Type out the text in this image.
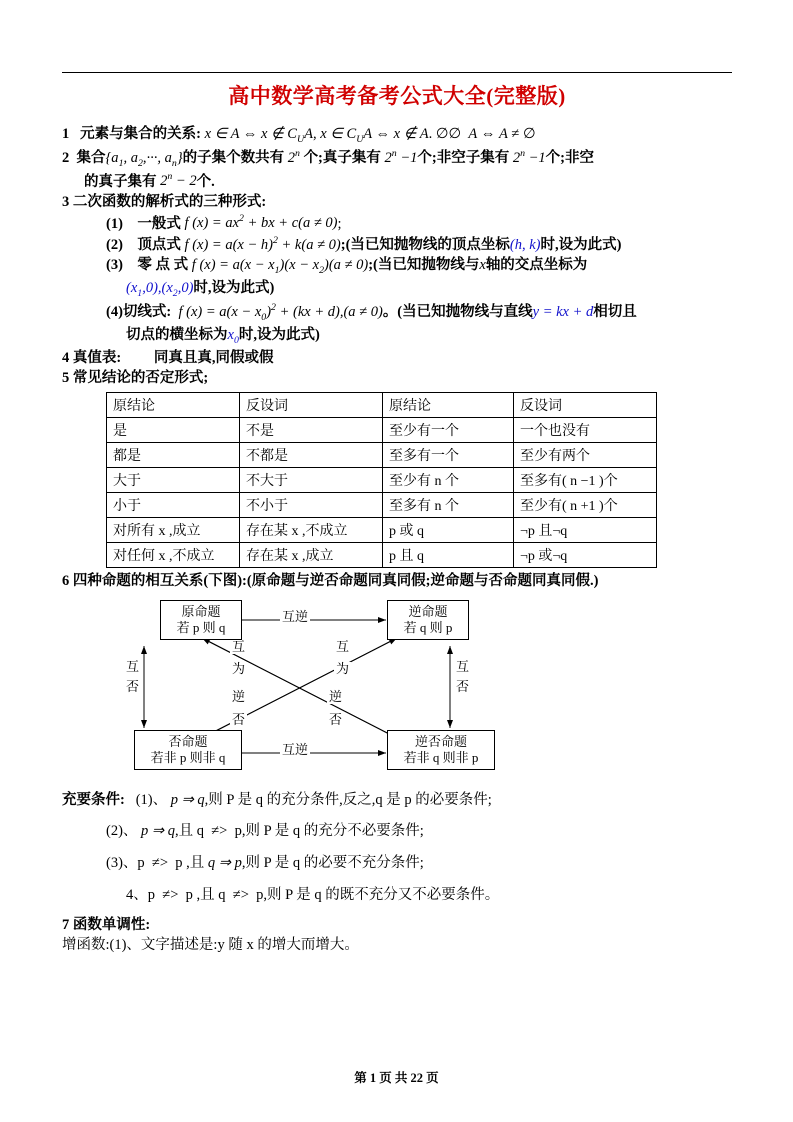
高中数学高考备考公式大全(完整版)
1 元素与集合的关系: x ∈ A ⇔ x ∉ $C_UA$, x ∈ $C_UA$ ⇔ x ∉ A. ∅∅  A ⇔ A ≠ ∅
2 集合{$a_1$, $a_2,\cdot\cdot\cdot$, $a_n$}的子集个数共有 2$^n$ 个;真子集有 $2^n -1$个;非空子集有 $2^n -1$个;非空
的真子集有 $2^n - 2$个.
3 二次函数的解析式的三种形式:
(1)　一般式 f $(x) = ax^2$ + bx + c(a ≠ 0);
(2)　顶点式 f $(x) = a(x - h)^2 + k(a$ ≠ 0);(当已知抛物线的顶点坐标(h, k)时,设为此式)
(3)　零 点 式 f $(x) = a(x - x_1)(x - x_2)(a$ ≠ 0);(当已知抛物线与x轴的交点坐标为
$(x_1,0),(x_2,0)$时,设为此式)
(4)切线式: f $(x) = a(x - x_0)^2 + (kx + d),(a \ne 0)$。(当已知抛物线与直线y = kx + d相切且
切点的横坐标为$x_0$时,设为此式)
4 真值表: 同真且真,同假或假
5 常见结论的否定形式;
原结论	反设词	原结论	反设词
是	不是	至少有一个	一个也没有
都是	不都是	至多有一个	至少有两个
大于	不大于	至少有 n 个	至多有( n −1 )个
小于	不小于	至多有 n 个	至少有( n +1 )个
对所有 x ,成立	存在某 x ,不成立	p 或 q	¬p 且¬q
对任何 x ,不成立	存在某 x ,成立	p 且 q	¬p 或¬q
6 四种命题的相互关系(下图):(原命题与逆否命题同真同假;逆命题与否命题同真同假.)
原命题
若 p 则 q
逆命题
若 q 则 p
否命题
若非 p 则非 q
逆否命题
若非 q 则非 p
互逆
互逆
互
否
互
否
互
为
逆
否
互
为
逆
否
充要条件: (1)、 p ⇒ q,则 P 是 q 的充分条件,反之,q 是 p 的必要条件;
(2)、 p ⇒ q,且 q  ≠>  p,则 P 是 q 的充分不必要条件;
(3)、p  ≠>  p ,且 q ⇒ p,则 P 是 q 的必要不充分条件;
4、p  ≠>  p ,且 q  ≠>  p,则 P 是 q 的既不充分又不必要条件。
7 函数单调性:
增函数:(1)、文字描述是:y 随 x 的增大而增大。
第 1 页 共 22 页
